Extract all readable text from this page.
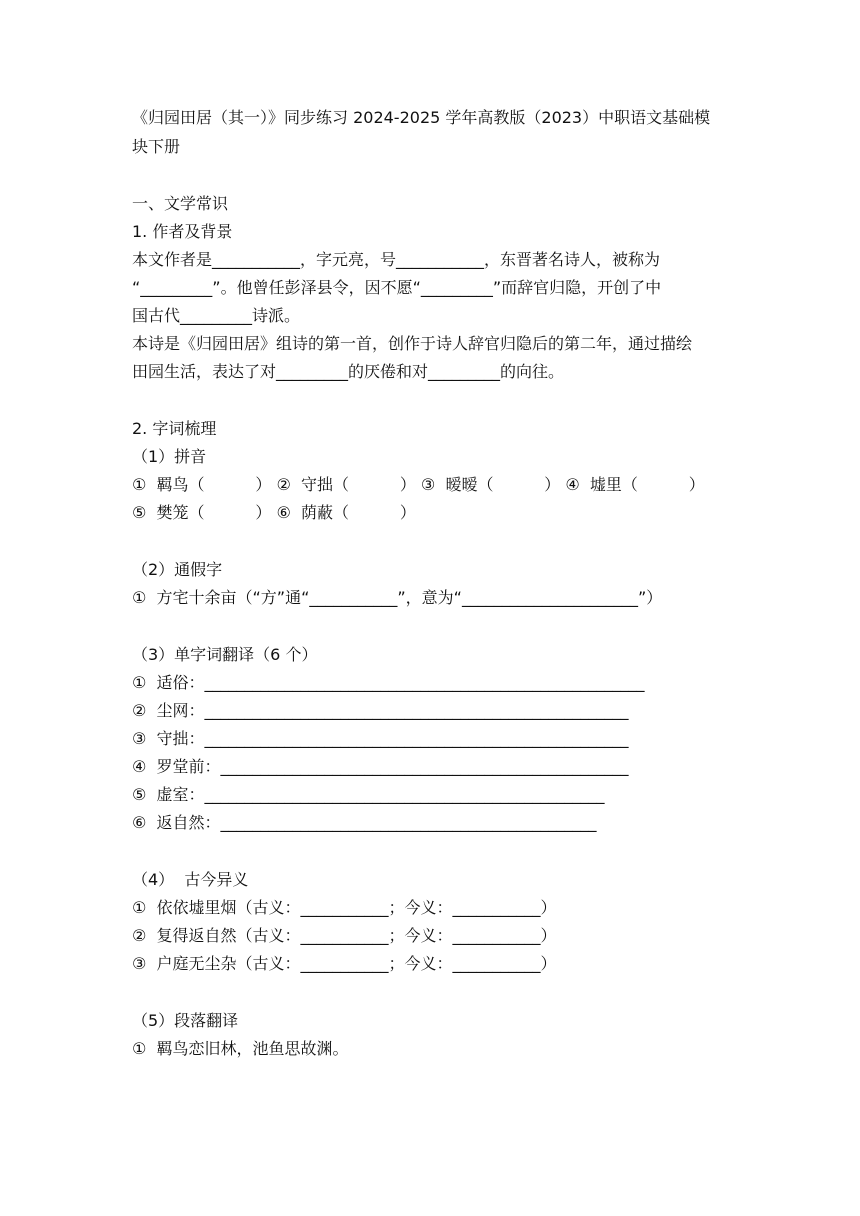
《归园田居（其一）》同步练习 2024-2025 学年高教版（2023）中职语文基础模
块下册
一、文学常识
1. 作者及背景
本文作者是___________，字元亮，号___________，东晋著名诗人，被称为
“_________”。他曾任彭泽县令，因不愿“_________”而辞官归隐，开创了中
国古代_________诗派。
本诗是《归园田居》组诗的第一首，创作于诗人辞官归隐后的第二年，通过描绘
田园生活，表达了对_________的厌倦和对_________的向往。
2. 字词梳理
（1）拼音
①  羁鸟（          ） ②  守拙（          ） ③  暧暧（          ） ④  墟里（          ）
⑤  樊笼（          ） ⑥  荫蔽（          ）
（2）通假字
①  方宅十余亩（“方”通“___________”，意为“______________________”）
（3）单字词翻译（6 个）
①  适俗：_______________________________________________________
②  尘网：_____________________________________________________
③  守拙：_____________________________________________________
④  罗堂前：___________________________________________________
⑤  虚室：__________________________________________________
⑥  返自然：_______________________________________________
（4）  古今异义
①  依依墟里烟（古义：___________；今义：___________）
②  复得返自然（古义：___________；今义：___________）
③  户庭无尘杂（古义：___________；今义：___________）
（5）段落翻译
①  羁鸟恋旧林，池鱼思故渊。
